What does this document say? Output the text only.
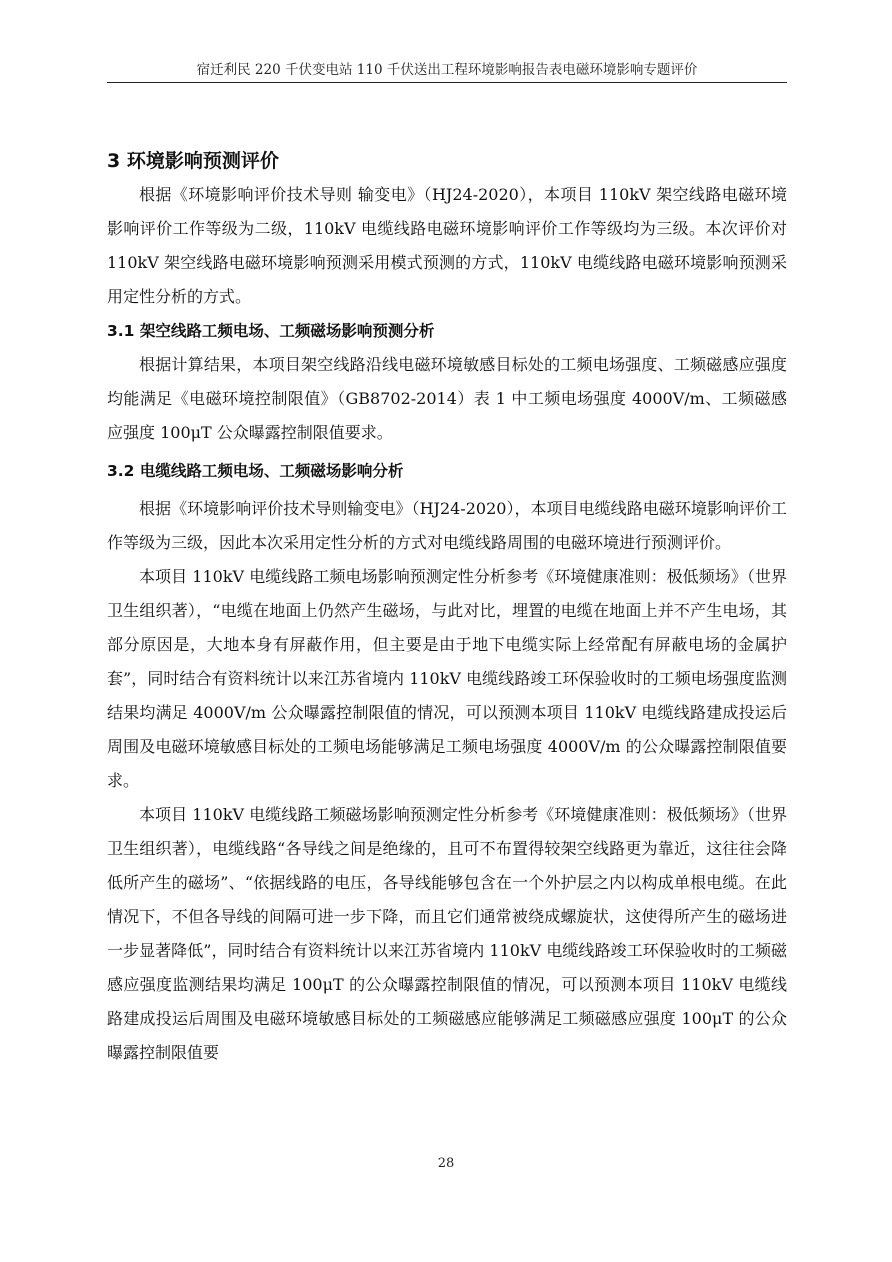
宿迁利民 220 千伏变电站 110 千伏送出工程环境影响报告表电磁环境影响专题评价
3 环境影响预测评价

根据《环境影响评价技术导则 输变电》（HJ24-2020），本项目 110kV 架空线路电磁环境影响评价工作等级为二级，110kV 电缆线路电磁环境影响评价工作等级均为三级。本次评价对 110kV 架空线路电磁环境影响预测采用模式预测的方式，110kV 电缆线路电磁环境影响预测采用定性分析的方式。

3.1 架空线路工频电场、工频磁场影响预测分析

根据计算结果，本项目架空线路沿线电磁环境敏感目标处的工频电场强度、工频磁感应强度均能满足《电磁环境控制限值》（GB8702-2014）表 1 中工频电场强度 4000V/m、工频磁感应强度 100μT 公众曝露控制限值要求。

3.2 电缆线路工频电场、工频磁场影响分析

根据《环境影响评价技术导则输变电》（HJ24-2020），本项目电缆线路电磁环境影响评价工作等级为三级，因此本次采用定性分析的方式对电缆线路周围的电磁环境进行预测评价。

本项目 110kV 电缆线路工频电场影响预测定性分析参考《环境健康准则：极低频场》（世界卫生组织著），“电缆在地面上仍然产生磁场，与此对比，埋置的电缆在地面上并不产生电场，其部分原因是，大地本身有屏蔽作用，但主要是由于地下电缆实际上经常配有屏蔽电场的金属护套”，同时结合有资料统计以来江苏省境内 110kV 电缆线路竣工环保验收时的工频电场强度监测结果均满足 4000V/m 公众曝露控制限值的情况，可以预测本项目 110kV 电缆线路建成投运后周围及电磁环境敏感目标处的工频电场能够满足工频电场强度 4000V/m 的公众曝露控制限值要求。

本项目 110kV 电缆线路工频磁场影响预测定性分析参考《环境健康准则：极低频场》（世界卫生组织著），电缆线路“各导线之间是绝缘的，且可不布置得较架空线路更为靠近，这往往会降低所产生的磁场”、“依据线路的电压，各导线能够包含在一个外护层之内以构成单根电缆。在此情况下，不但各导线的间隔可进一步下降，而且它们通常被绕成螺旋状，这使得所产生的磁场进一步显著降低”，同时结合有资料统计以来江苏省境内 110kV 电缆线路竣工环保验收时的工频磁感应强度监测结果均满足 100μT 的公众曝露控制限值的情况，可以预测本项目 110kV 电缆线路建成投运后周围及电磁环境敏感目标处的工频磁感应能够满足工频磁感应强度 100μT 的公众曝露控制限值要

28
